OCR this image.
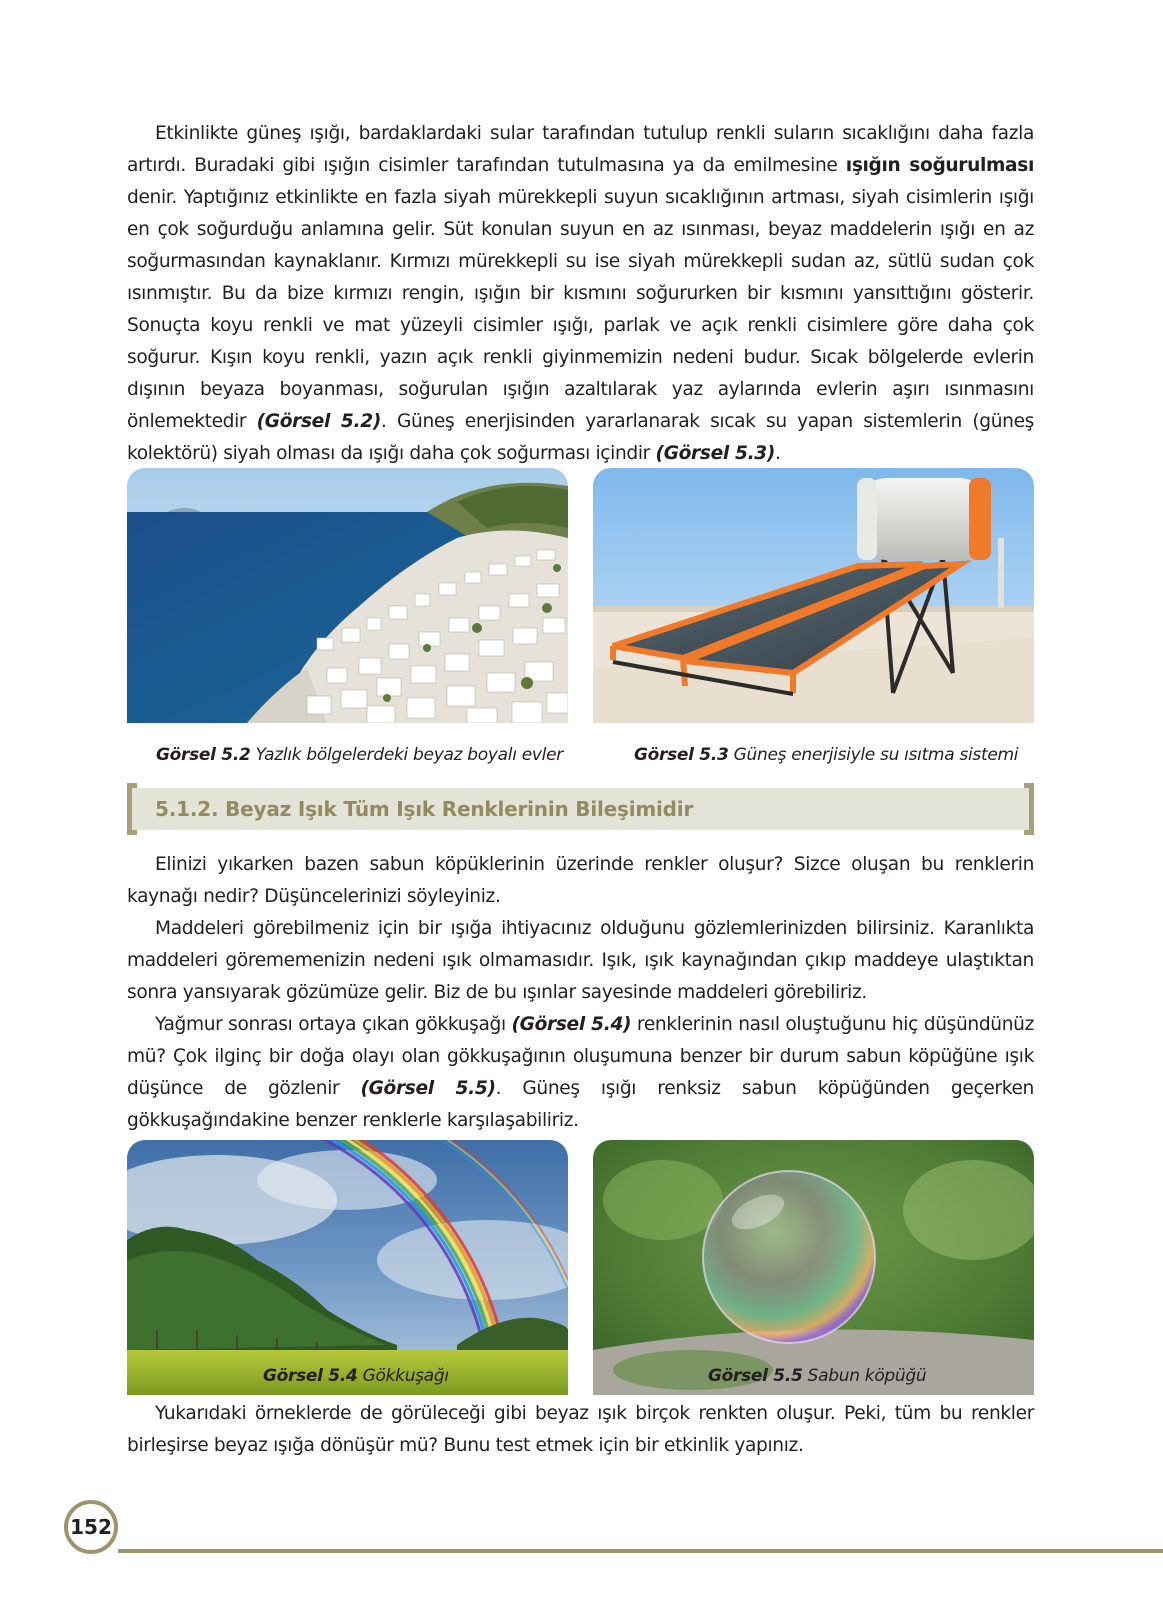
Etkinlikte güneş ışığı, bardaklardaki sular tarafından tutulup renkli suların sıcaklığını daha fazla artırdı. Buradaki gibi ışığın cisimler tarafından tutulmasına ya da emilmesine ışığın soğurulması denir. Yaptığınız etkinlikte en fazla siyah mürekkepli suyun sıcaklığının artması, siyah cisimlerin ışığı en çok soğurduğu anlamına gelir. Süt konulan suyun en az ısınması, beyaz maddelerin ışığı en az soğurmasından kaynaklanır. Kırmızı mürekkepli su ise siyah mürekkepli sudan az, sütlü sudan çok ısınmıştır. Bu da bize kırmızı rengin, ışığın bir kısmını soğururken bir kısmını yansıttığını gösterir. Sonuçta koyu renkli ve mat yüzeyli cisimler ışığı, parlak ve açık renkli cisimlere göre daha çok soğurur. Kışın koyu renkli, yazın açık renkli giyinmemizin nedeni budur. Sıcak bölgelerde evlerin dışının beyaza boyanması, soğurulan ışığın azaltılarak yaz aylarında evlerin aşırı ısınmasını önlemektedir (Görsel 5.2). Güneş enerjisinden yararlanarak sıcak su yapan sistemlerin (güneş kolektörü) siyah olması da ışığı daha çok soğurması içindir (Görsel 5.3).

Görsel 5.2 Yazlık bölgelerdeki beyaz boyalı evler	Görsel 5.3 Güneş enerjisiyle su ısıtma sistemi
5.1.2. Beyaz Işık Tüm Işık Renklerinin Bileşimidir

Elinizi yıkarken bazen sabun köpüklerinin üzerinde renkler oluşur? Sizce oluşan bu renklerin kaynağı nedir? Düşüncelerinizi söyleyiniz.

Maddeleri görebilmeniz için bir ışığa ihtiyacınız olduğunu gözlemlerinizden bilirsiniz. Karanlıkta maddeleri görememenizin nedeni ışık olmamasıdır. Işık, ışık kaynağından çıkıp maddeye ulaştıktan sonra yansıyarak gözümüze gelir. Biz de bu ışınlar sayesinde maddeleri görebiliriz.

Yağmur sonrası ortaya çıkan gökkuşağı (Görsel 5.4) renklerinin nasıl oluştuğunu hiç düşündünüz mü? Çok ilginç bir doğa olayı olan gökkuşağının oluşumuna benzer bir durum sabun köpüğüne ışık düşünce de gözlenir (Görsel 5.5). Güneş ışığı renksiz sabun köpüğünden geçerken gökkuşağındakine benzer renklerle karşılaşabiliriz.

Görsel 5.4 Gökkuşağı	Görsel 5.5 Sabun köpüğü

Yukarıdaki örneklerde de görüleceği gibi beyaz ışık birçok renkten oluşur. Peki, tüm bu renkler birleşirse beyaz ışığa dönüşür mü? Bunu test etmek için bir etkinlik yapınız.

152
